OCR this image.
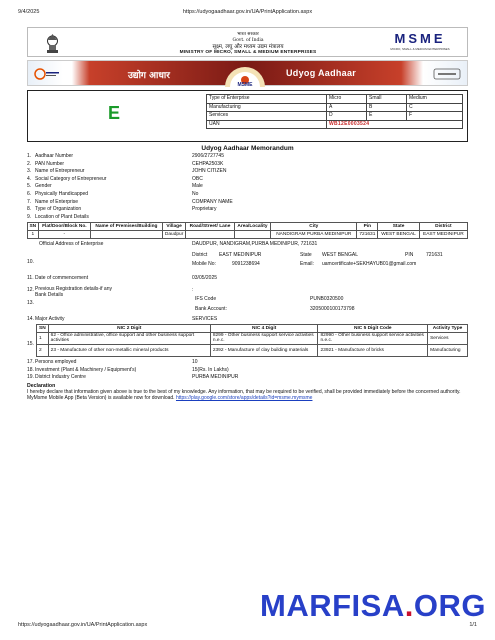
9/4/2025	https://udyogaadhaar.gov.in/UA/PrintApplication.aspx
भारत सरकार
Govt. of India
सूक्ष्म, लघु और मध्यम उद्यम मंत्रालय
MINISTRY OF MICRO, SMALL & MEDIUM ENTERPRISES
MSME
MICRO, SMALL & MEDIUM ENTERPRISES
उद्योग आधार
MSME
Udyog Aadhaar
E
Type of Enterprise	Micro	Small	Medium
Manufacturing	A	B	C
Services	D	E	F
UAN	WB12E0003524		
Udyog Aadhaar Memorandum
1. Aadhaar Number	2906/2727745
2. PAN Number	CEHPA2503K
3. Name of Entrepreneur	JOHN CITIZEN
4. Social Category of Entrepreneur	OBC
5. Gender	Male
6. Physically Handicapped	No
7. Name of Enterprise	COMPANY NAME
8. Type of Organization	Proprietary
9. Location of Plant Details
SN	Flat/Door/Block No.	Name of Premises/Building	Village	Road/Street/ Lane	Area/Locality	City	Pin	State	District
1	-		Daudpur			NANDIGRAM PURBA MEDINIPUR	721631	WEST BENGAL	EAST MEDINIPUR
Official Address of Enterprise
10.
DAUDPUR, NANDIGRAM,PURBA MEDINIPUR, 721631
District EAST MEDINIPUR	State WEST BENGAL	PIN	721631
Mobile No:	9091238694	Email: uamcertificate+SEKHAYUB01@gmail.com
11. Date of commencement	03/05/2025
12. Previous Registration details-if any
Bank Details
:
13.
IFS Code	PUNB0320500
Bank Account:	3205000100173798
14. Major Activity	SERVICES
15.
SN	NIC 2 Digit	NIC 4 Digit	NIC 5 Digit Code	Activity Type
1	62 - Office administrative, office support and other business support activities	8299 - Other business support service activities n.e.c.	82990 - Other business support service activities n.e.c.	Services
2	23 - Manufacture of other non-metallic mineral products	2392 - Manufacture of clay building materials	23921 - Manufacture of bricks	Manufacturing
17. Persons employed	10
18. Investment (Plant & Machinery / Equipment's)	15(Rs. In Lakhs)
19. District Industry Centre	PURBA MEDINIPUR
Declaration
I hereby declare that information given above is true to the best of my knowledge. Any information, that may be required to be verified, shall be provided immediately before the concerned authority.
MyMsme Mobile App (Beta Version) is available now for download. https://play.google.com/store/apps/details?id=msme.mymsme
MARFISA.ORG
https://udyogaadhaar.gov.in/UA/PrintApplication.aspx	1/1
